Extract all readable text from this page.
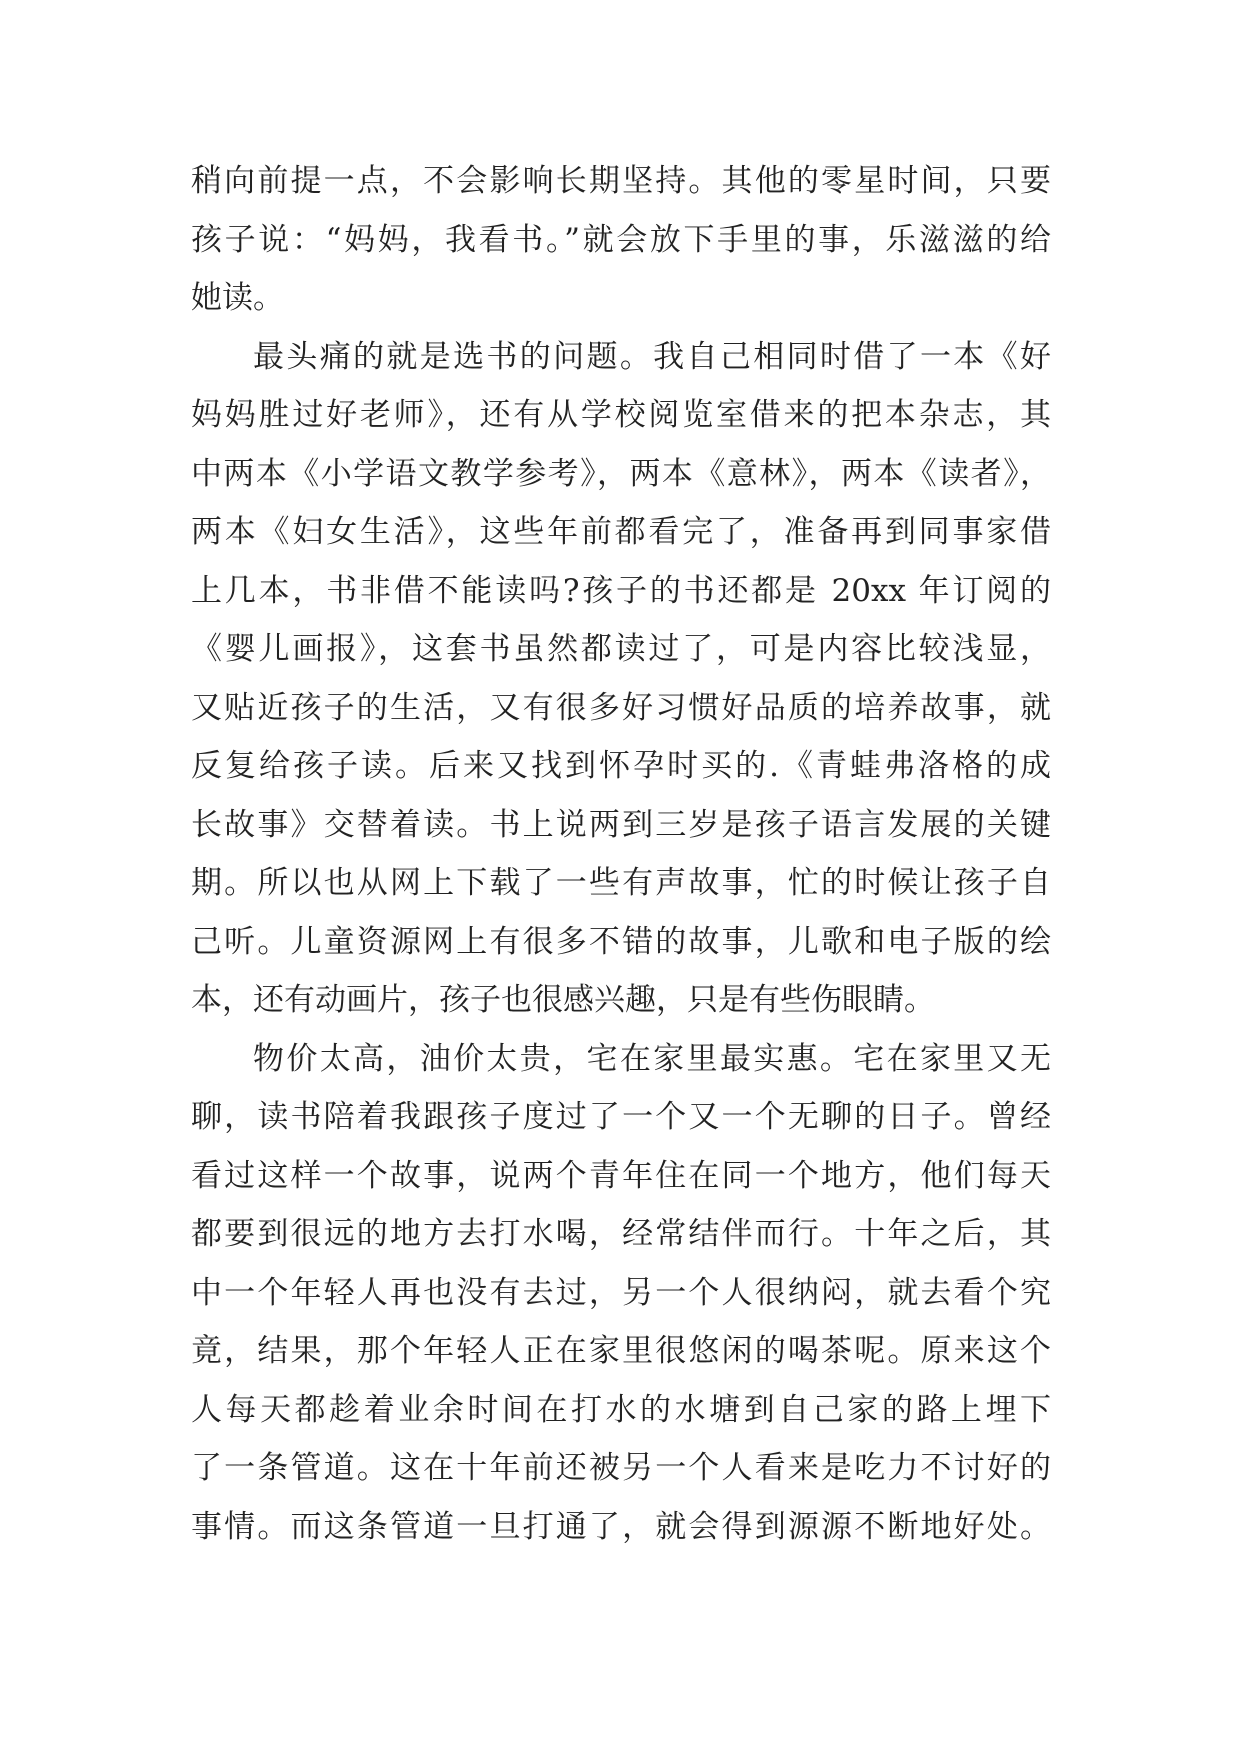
稍向前提一点，不会影响长期坚持。其他的零星时间，只要
孩子说：“妈妈，我看书。”就会放下手里的事，乐滋滋的给
她读。
最头痛的就是选书的问题。我自己相同时借了一本《好
妈妈胜过好老师》，还有从学校阅览室借来的把本杂志，其
中两本《小学语文教学参考》，两本《意林》，两本《读者》，
两本《妇女生活》，这些年前都看完了，准备再到同事家借
上几本，书非借不能读吗?孩子的书还都是 20xx 年订阅的
《婴儿画报》，这套书虽然都读过了，可是内容比较浅显，
又贴近孩子的生活，又有很多好习惯好品质的培养故事，就
反复给孩子读。后来又找到怀孕时买的.《青蛙弗洛格的成
长故事》交替着读。书上说两到三岁是孩子语言发展的关键
期。所以也从网上下载了一些有声故事，忙的时候让孩子自
己听。儿童资源网上有很多不错的故事，儿歌和电子版的绘
本，还有动画片，孩子也很感兴趣，只是有些伤眼睛。
物价太高，油价太贵，宅在家里最实惠。宅在家里又无
聊，读书陪着我跟孩子度过了一个又一个无聊的日子。曾经
看过这样一个故事，说两个青年住在同一个地方，他们每天
都要到很远的地方去打水喝，经常结伴而行。十年之后，其
中一个年轻人再也没有去过，另一个人很纳闷，就去看个究
竟，结果，那个年轻人正在家里很悠闲的喝茶呢。原来这个
人每天都趁着业余时间在打水的水塘到自己家的路上埋下
了一条管道。这在十年前还被另一个人看来是吃力不讨好的
事情。而这条管道一旦打通了，就会得到源源不断地好处。
